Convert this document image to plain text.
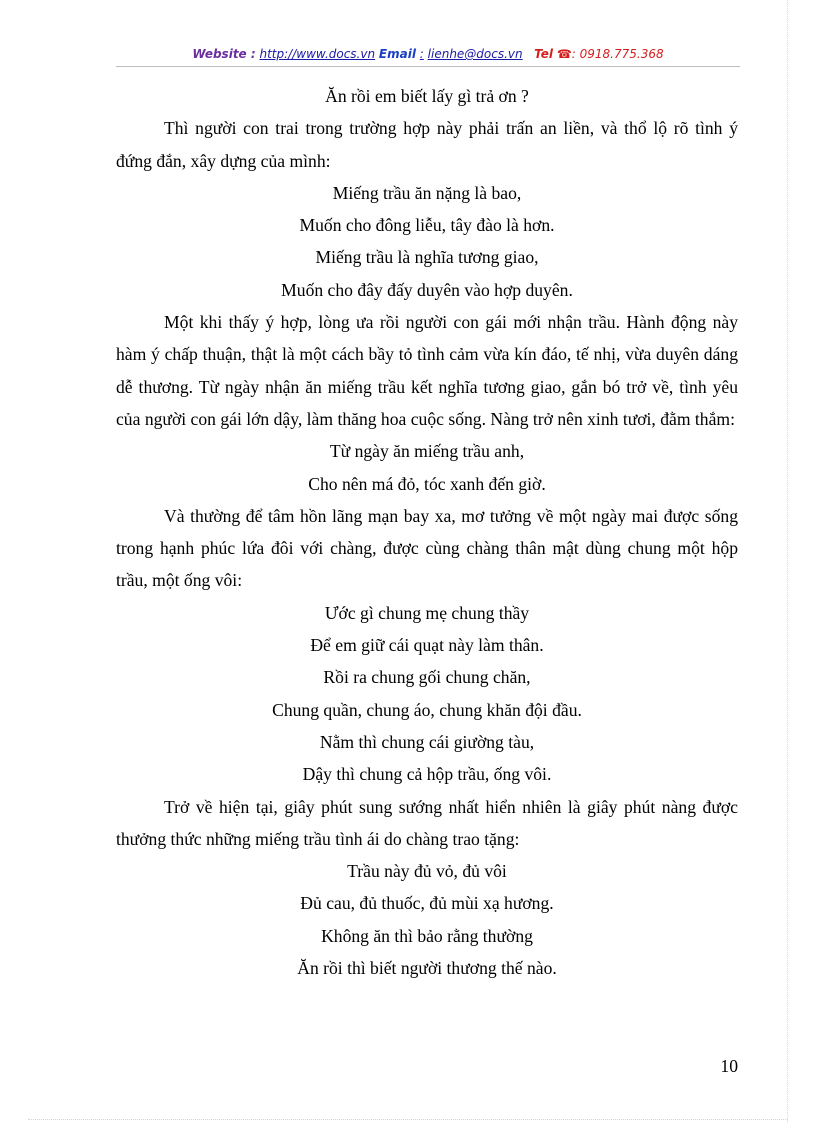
Website : http://www.docs.vn Email : lienhe@docs.vn Tel ☎: 0918.775.368

Ăn rồi em biết lấy gì trả ơn ?

Thì người con trai trong trường hợp này phải trấn an liền, và thổ lộ rõ tình ý đứng đắn, xây dựng của mình:

Miếng trầu ăn nặng là bao,

Muốn cho đông liễu, tây đào là hơn.

Miếng trầu là nghĩa tương giao,

Muốn cho đây đấy duyên vào hợp duyên.

Một khi thấy ý hợp, lòng ưa rồi người con gái mới nhận trầu. Hành động này hàm ý chấp thuận, thật là một cách bầy tỏ tình cảm vừa kín đáo, tế nhị, vừa duyên dáng dễ thương. Từ ngày nhận ăn miếng trầu kết nghĩa tương giao, gắn bó trở về, tình yêu của người con gái lớn dậy, làm thăng hoa cuộc sống. Nàng trở nên xinh tươi, đằm thắm:

Từ ngày ăn miếng trầu anh,

Cho nên má đỏ, tóc xanh đến giờ.

Và thường để tâm hồn lãng mạn bay xa, mơ tưởng về một ngày mai được sống trong hạnh phúc lứa đôi với chàng, được cùng chàng thân mật dùng chung một hộp trầu, một ống vôi:

Ước gì chung mẹ chung thầy

Để em giữ cái quạt này làm thân.

Rồi ra chung gối chung chăn,

Chung quần, chung áo, chung khăn đội đầu.

Nằm thì chung cái giường tàu,

Dậy thì chung cả hộp trầu, ống vôi.

Trở về hiện tại, giây phút sung sướng nhất hiển nhiên là giây phút nàng được thưởng thức những miếng trầu tình ái do chàng trao tặng:

Trầu này đủ vỏ, đủ vôi

Đủ cau, đủ thuốc, đủ mùi xạ hương.

Không ăn thì bảo rằng thường

Ăn rồi thì biết người thương thế nào.

10
